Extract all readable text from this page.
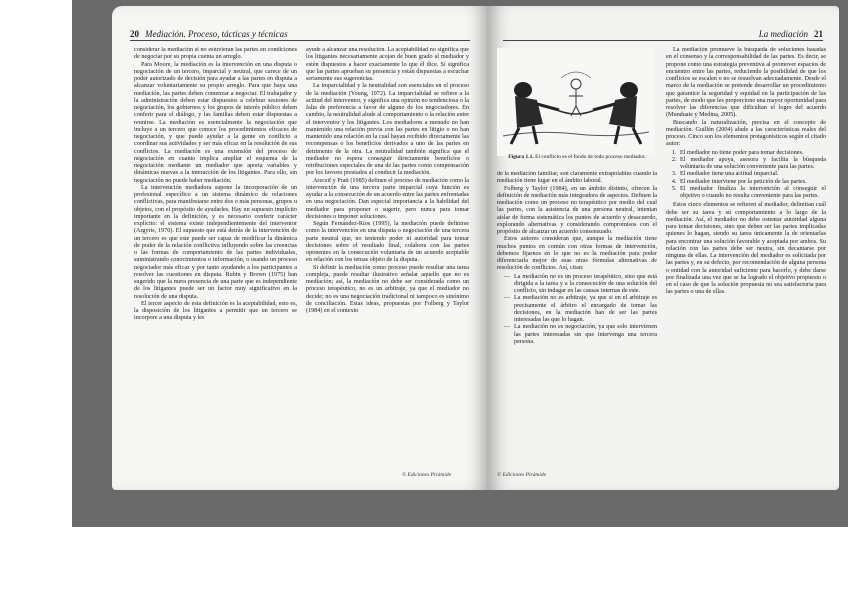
20 Mediación. Proceso, tácticas y técnicas

considerar la mediación si no estuvieran las partes en condiciones de negociar por su propia cuenta un arreglo.

Para Moore, la mediación es la intervención en una disputa o negociación de un tercero, imparcial y neutral, que carece de un poder autorizado de decisión para ayudar a las partes en disputa a alcanzar voluntariamente su propio arreglo. Para que haya una mediación, las partes deben comenzar a negociar. El trabajador y la administración deben estar dispuestos a celebrar sesiones de negociación, los gobiernos y los grupos de interés público deben conferir para el diálogo, y las familias deben estar dispuestas a reunirse. La mediación es esencialmente la negociación que incluye a un tercero que conoce los procedimientos eficaces de negociación, y que puede ayudar a la gente en conflicto a coordinar sus actividades y ser más eficaz en la resolución de sus conflictos. La mediación es una extensión del proceso de negociación en cuanto implica ampliar el esquema de la negociación mediante un mediador que aporta variables y dinámicas nuevas a la interacción de los litigantes. Para ello, sin negociación no puede haber mediación.

La intervención mediadora supone la incorporación de un profesional específico a un sistema dinámico de relaciones conflictivas, para manifestarse entre dos o más personas, grupos u objetos, con el propósito de ayudarles. Hay un supuesto implícito importante en la definición, y es necesario conferir carácter explícito: el sistema existe independientemente del interventor (Argyris, 1970). El supuesto que está detrás de la intervención de un tercero es que este puede ser capaz de modificar la dinámica de poder de la relación conflictiva influyendo sobre las creencias o las formas de comportamiento de las partes individuales, suministrando conocimientos o información, o usando un proceso negociador más eficaz y por tanto ayudando a los participantes a resolver las cuestiones en disputa. Rubin y Brown (1975) han sugerido que la mera presencia de una parte que es independiente de los litigantes puede ser un factor muy significativo en la resolución de una disputa.

El tercer aspecto de esta definición es la aceptabilidad, esto es, la disposición de los litigantes a permitir que un tercero se incorpore a una disputa y les

ayude a alcanzar una resolución. La aceptabilidad no significa que los litigantes necesariamente acojan de buen grado al mediador y estén dispuestos a hacer exactamente lo que él dice. Sí significa que las partes aprueban su presencia y están dispuestas a escuchar seriamente sus sugerencias.

La imparcialidad y la neutralidad son esenciales en el proceso de la mediación (Young, 1972). La imparcialidad se refiere a la actitud del interventor, y significa una opinión no tendenciosa o la falta de preferencia a favor de alguno de los negociadores. En cambio, la neutralidad alude al comportamiento o la relación entre el interventor y los litigantes. Los mediadores a menudo no han mantenido una relación previa con las partes en litigio o no han mantenido una relación en la cual hayan recibido directamente las recompensas o los beneficios derivados a uno de las partes en detrimento de la otra. La neutralidad también significa que el mediador no espera conseguir directamente beneficios o retribuciones especiales de una de las partes como compensación por los favores prestados al conducir la mediación.

Arecsif y Pratt (1985) definen el proceso de mediación como la intervención de una tercera parte imparcial cuya función es ayudar a la consecución de un acuerdo entre las partes enfrentadas en una negociación. Dan especial importancia a la habilidad del mediador para proponer o sugerir, pero nunca para tomar decisiones o imponer soluciones.

Según Fernández-Ríos (1995), la mediación puede definirse como la intervención en una disputa o negociación de una tercera parte neutral que, no teniendo poder ni autoridad para tomar decisiones sobre el resultado final, colabora con las partes oponentes en la consecución voluntaria de un acuerdo aceptable en relación con los temas objeto de la disputa.

Si definir la mediación como proceso puede resultar una tarea compleja, puede resultar ilustrativo señalar aquello que no es mediación; así, la mediación no debe ser considerada como un proceso terapéutico, no es un arbitraje, ya que el mediador no decide; no es una negociación tradicional ni tampoco es sinónimo de conciliación. Estas ideas, propuestas por Folberg y Taylor (1984) en el contexto

© Ediciones Pirámide
La mediación 21
Figura 1.1. El conflicto es el fondo de todo proceso mediador.

de la mediación familiar, son claramente extrapolables cuando la mediación tiene lugar en el ámbito laboral.

Folberg y Taylor (1984), en un ámbito distinto, ofrecen la definición de mediación más integradora de aspectos. Definen la mediación como un proceso no terapéutico por medio del cual las partes, con la asistencia de una persona neutral, intentan aislar de forma sistemática los puntos de acuerdo y desacuerdo, explorando alternativas y considerando compromisos con el propósito de alcanzar un acuerdo consensuado.

Estos autores consideran que, aunque la mediación tiene muchos puntos en común con otras formas de intervención, debemos fijarnos en lo que no es la mediación para poder diferenciarla mejor de esas otras fórmulas alternativas de resolución de conflictos. Así, citan:

— La mediación no es un proceso terapéutico, sino que está dirigida a la tarea y a la consecución de una solución del conflicto, sin indagar en las causas internas de este.
— La mediación no es arbitraje, ya que si en el arbitraje es precisamente el árbitro el encargado de tomar las decisiones, en la mediación han de ser las partes interesadas las que lo hagan.
— La mediación no es negociación, ya que solo intervienen las partes interesadas sin que intervenga una tercera persona.

La mediación promueve la búsqueda de soluciones basadas en el consenso y la corresponsabilidad de las partes. Es decir, se propone como una estrategia preventiva al promover espacios de encuentro entre las partes, reduciendo la posibilidad de que los conflictos se escalen o no se resuelvan adecuadamente. Desde el marco de la mediación se pretende desarrollar un procedimiento que garantice la seguridad y equidad en la participación de las partes, de modo que les proporcione una mayor oportunidad para resolver las diferencias que dificultan el logro del acuerdo (Munduate y Medina, 2005).

Buscando la naturalización, precisa en el concepto de mediación. Guillén (2004) alude a las características reales del proceso. Cinco son los elementos protagonísticos según el citado autor:

1. El mediador no tiene poder para tomar decisiones.
2. El mediador apoya, asesora y facilita la búsqueda voluntaria de una solución conveniente para las partes.
3. El mediador tiene una actitud imparcial.
4. El mediador interviene por la petición de las partes.
5. El mediador finaliza la intervención al conseguir el objetivo o cuando no resulta conveniente para las partes.

Estos cinco elementos se refieren al mediador, delimitan cuál debe ser su tarea y su comportamiento a lo largo de la mediación. Así, el mediador no debe ostentar autoridad alguna para tomar decisiones, sino que deben ser las partes implicadas quienes lo hagan, siendo su tarea únicamente la de orientarlas para encontrar una solución favorable y aceptada por ambos. Su relación con las partes debe ser neutra, sin decantarse por ninguna de ellas. La intervención del mediador es solicitada por las partes y, en su defecto, por recomendación de alguna persona o entidad con la autoridad suficiente para hacerlo, y debe darse por finalizada una vez que se ha logrado el objetivo propuesto o en el caso de que la solución propuesta no sea satisfactoria para las partes o una de ellas.

© Ediciones Pirámide
